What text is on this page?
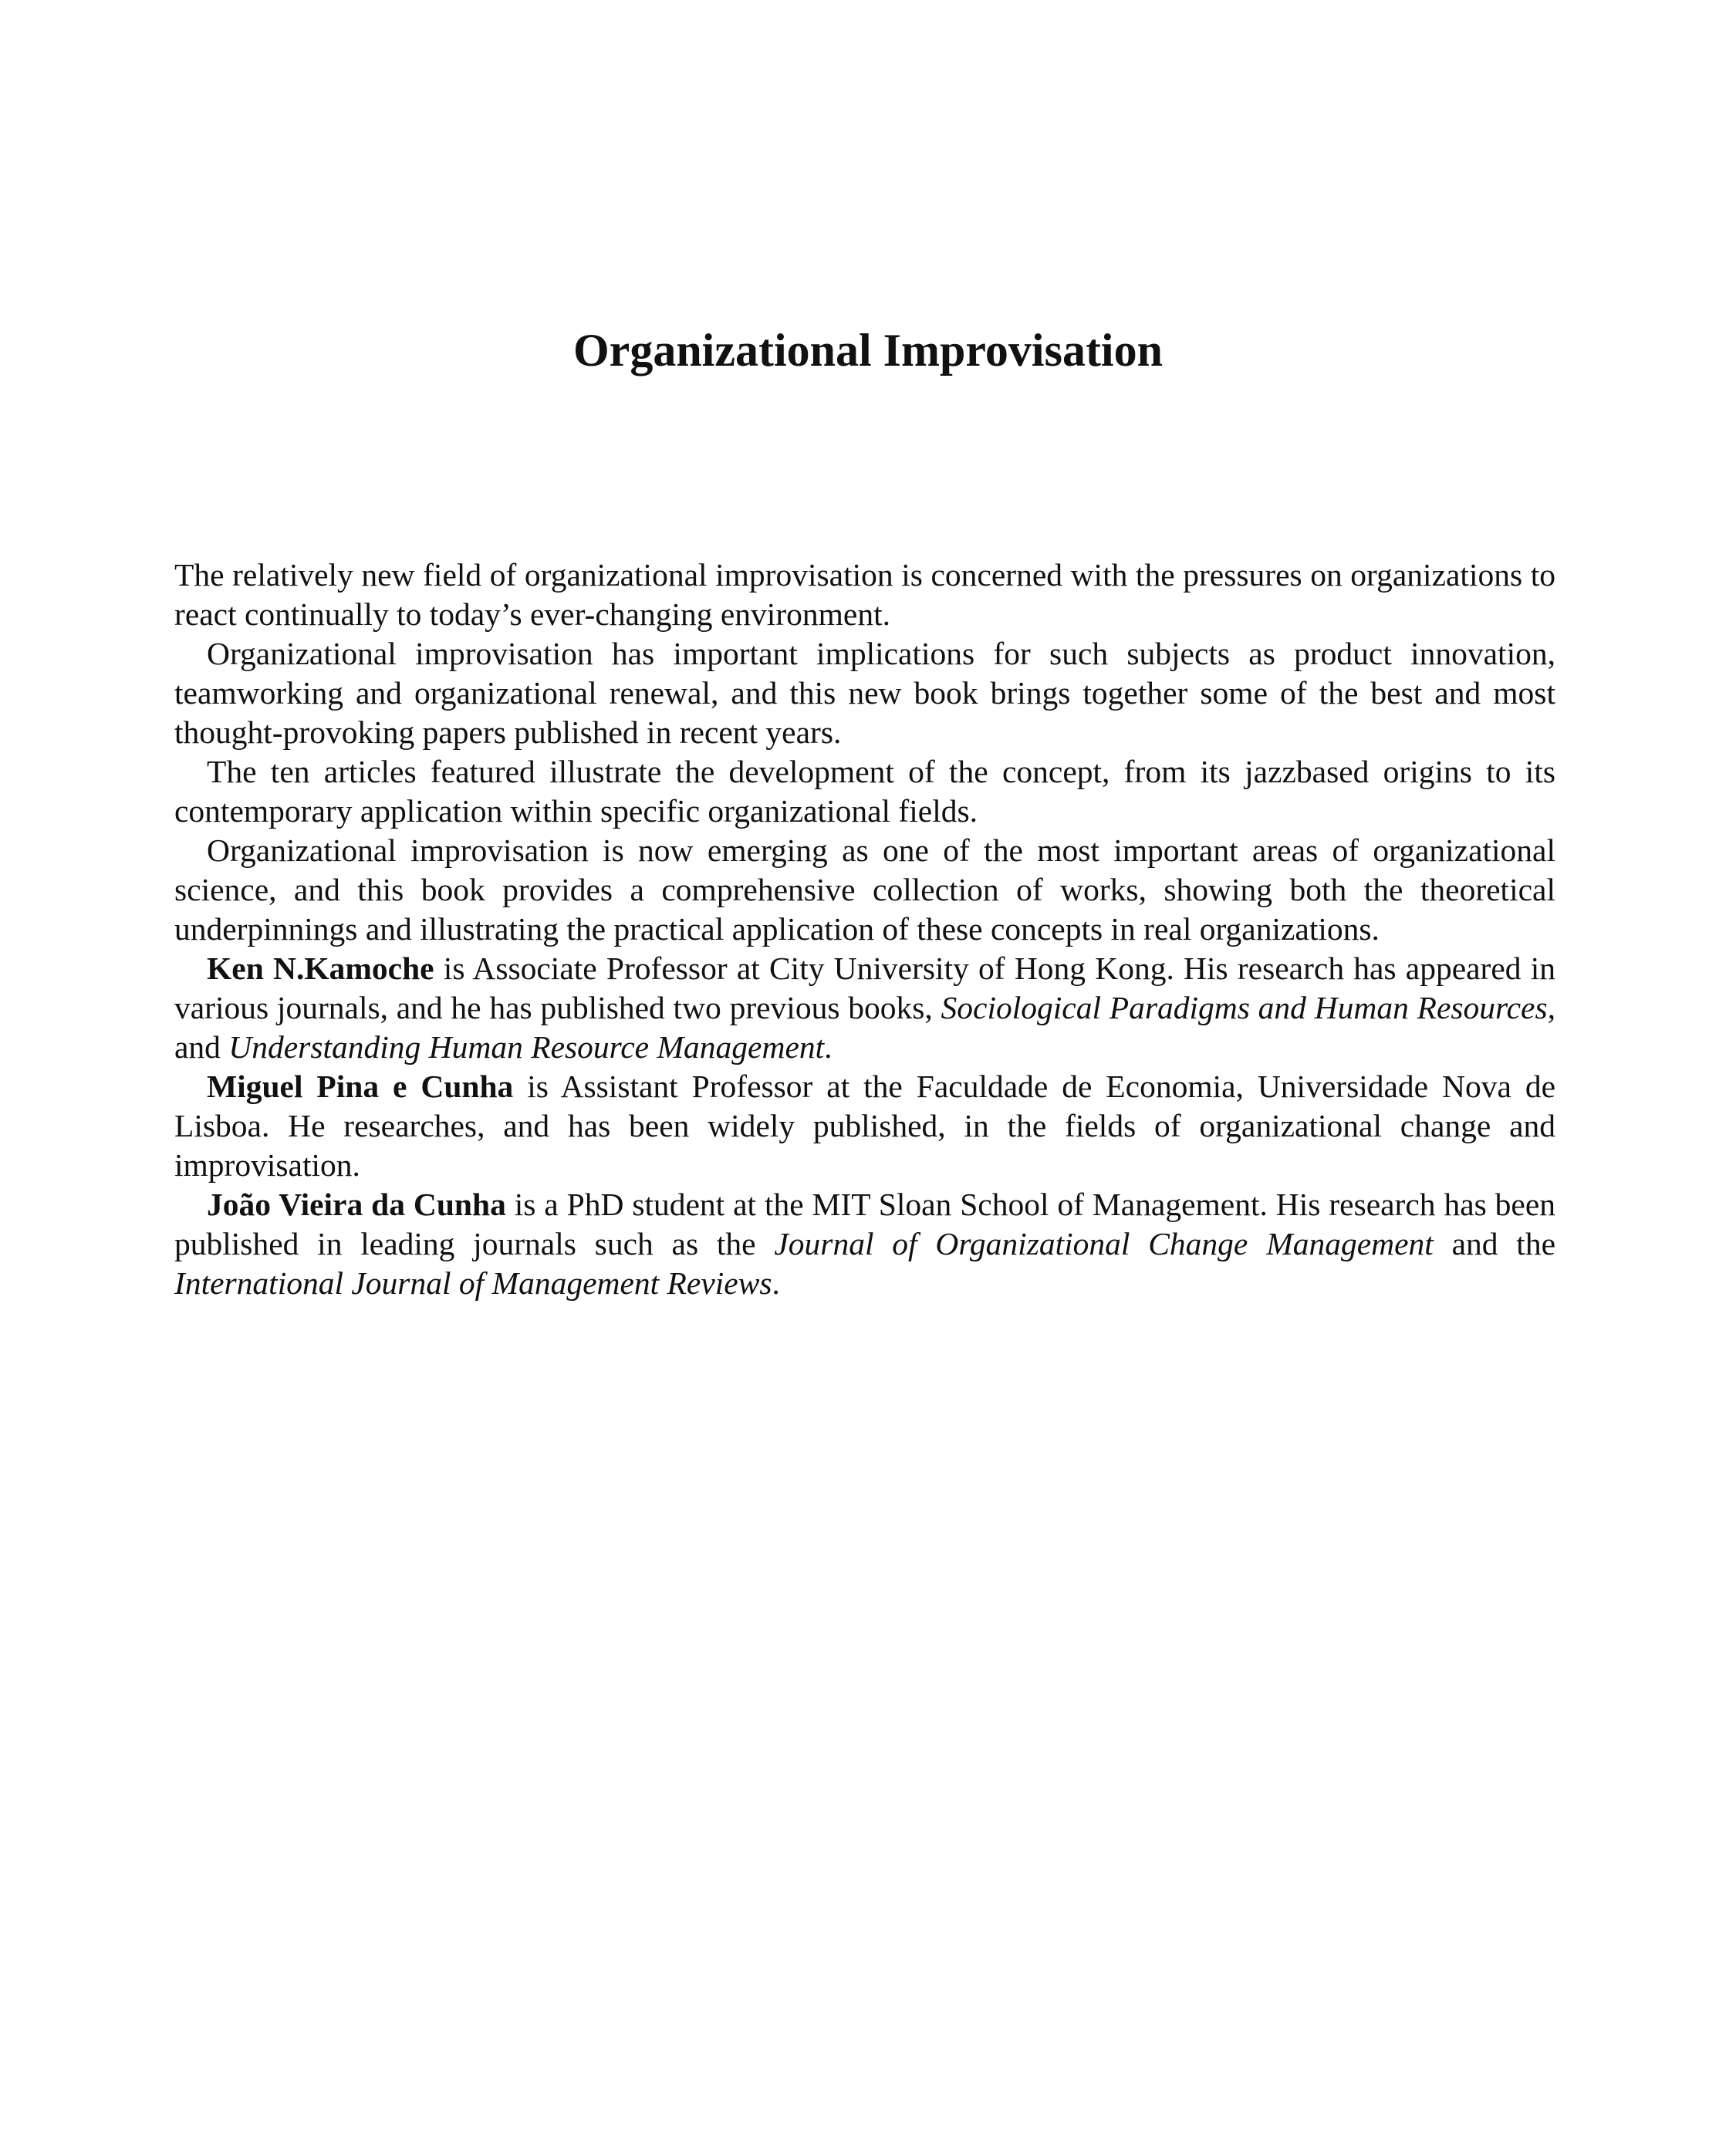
Organizational Improvisation

The relatively new field of organizational improvisation is concerned with the pressures on organizations to react continually to today’s ever-changing environment.

Organizational improvisation has important implications for such subjects as product innovation, teamworking and organizational renewal, and this new book brings together some of the best and most thought-provoking papers published in recent years.

The ten articles featured illustrate the development of the concept, from its jazzbased origins to its contemporary application within specific organizational fields.

Organizational improvisation is now emerging as one of the most important areas of organizational science, and this book provides a comprehensive collection of works, showing both the theoretical underpinnings and illustrating the practical application of these concepts in real organizations.

Ken N.Kamoche is Associate Professor at City University of Hong Kong. His research has appeared in various journals, and he has published two previous books, Sociological Paradigms and Human Resources, and Understanding Human Resource Management.

Miguel Pina e Cunha is Assistant Professor at the Faculdade de Economia, Universidade Nova de Lisboa. He researches, and has been widely published, in the fields of organizational change and improvisation.

João Vieira da Cunha is a PhD student at the MIT Sloan School of Management. His research has been published in leading journals such as the Journal of Organizational Change Management and the International Journal of Management Reviews.
